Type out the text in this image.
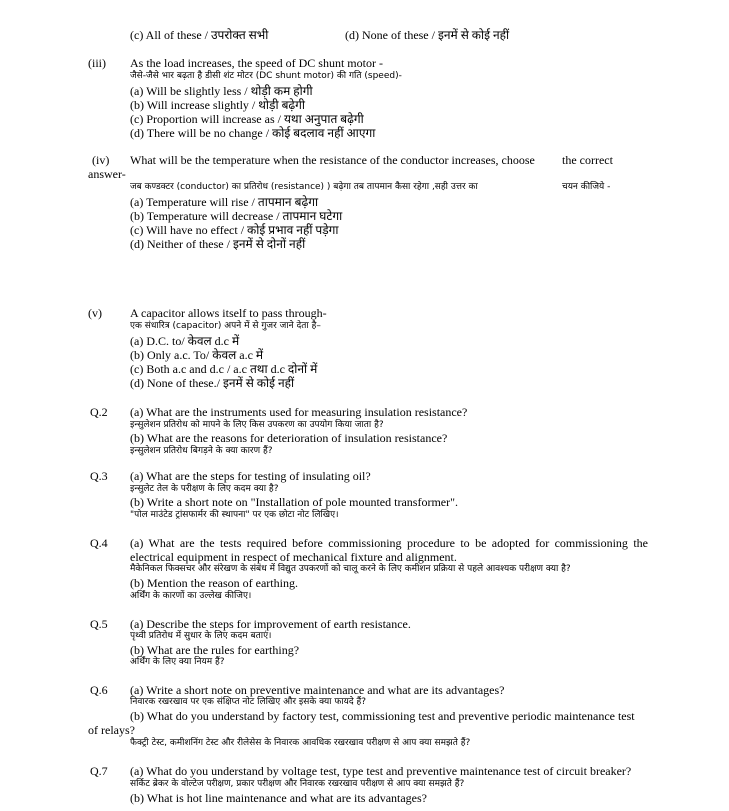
(c) All of these / उपरोक्त सभी	(d) None of these / इनमें से कोई नहीं
(iii) As the load increases, the speed of DC shunt motor -
जैसे-जैसे भार बढ़ता है डीसी शंट मोटर (DC shunt motor) की गति (speed)-
(a) Will be slightly less / थोड़ी कम होगी
(b) Will increase slightly / थोड़ी बढ़ेगी
(c) Proportion will increase as / यथा अनुपात बढ़ेगी
(d) There will be no change / कोई बदलाव नहीं आएगा
(iv) What will be the temperature when the resistance of the conductor increases, choose the correct
answer-
जब कण्डक्टर (conductor) का प्रतिरोध (resistance) ) बढ़ेगा तब तापमान कैसा रहेगा ,सही उत्तर का	चयन कीजिये -
(a) Temperature will rise / तापमान बढ़ेगा
(b) Temperature will decrease / तापमान घटेगा
(c) Will have no effect / कोई प्रभाव नहीं पड़ेगा
(d) Neither of these / इनमें से दोनों नहीं
(v) A capacitor allows itself to pass through-
एक संधारित्र (capacitor) अपने में से गुजर जाने देता है–
(a) D.C. to/ केवल d.c में
(b) Only a.c. To/ केवल a.c में
(c) Both a.c and d.c / a.c तथा d.c दोनों में
(d) None of these./ इनमें से कोई नहीं
Q.2 (a) What are the instruments used for measuring insulation resistance?
इन्सुलेशन प्रतिरोध को मापने के लिए किस उपकरण का उपयोग किया जाता है?
(b) What are the reasons for deterioration of insulation resistance?
इन्सुलेशन प्रतिरोध बिगड़ने के क्या कारण हैं?
Q.3 (a) What are the steps for testing of insulating oil?
इन्सुलेट तेल के परीक्षण के लिए कदम क्या है?
(b) Write a short note on "Installation of pole mounted transformer".
"पोल माउंटेड ट्रांसफार्मर की स्थापना" पर एक छोटा नोट लिखिए।
Q.4 (a) What are the tests required before commissioning procedure to be adopted for commissioning the
electrical equipment in respect of mechanical fixture and alignment.
मैकेनिकल फिक्सचर और संरेखण के संबंध में विद्युत उपकरणों को चालू करने के लिए कमीशन प्रक्रिया से पहले आवश्यक परीक्षण क्या है?
(b) Mention the reason of earthing.
अर्थिंग के कारणों का उल्लेख कीजिए।
Q.5 (a) Describe the steps for improvement of earth resistance.
पृथ्वी प्रतिरोध में सुधार के लिए कदम बताएं।
(b) What are the rules for earthing?
अर्थिंग के लिए क्या नियम हैं?
Q.6 (a) Write a short note on preventive maintenance and what are its advantages?
निवारक रखरखाव पर एक संक्षिप्त नोट लिखिए और इसके क्या फायदे हैं?
(b) What do you understand by factory test, commissioning test and preventive periodic maintenance test
of relays?
फैक्ट्री टेस्ट, कमीशनिंग टेस्ट और रीलेसेस के निवारक आवधिक रखरखाव परीक्षण से आप क्या समझते हैं?
Q.7 (a) What do you understand by voltage test, type test and preventive maintenance test of circuit breaker?
सर्किट ब्रेकर के वोल्टेज परीक्षण, प्रकार परीक्षण और निवारक रखरखाव परीक्षण से आप क्या समझते हैं?
(b) What is hot line maintenance and what are its advantages?
